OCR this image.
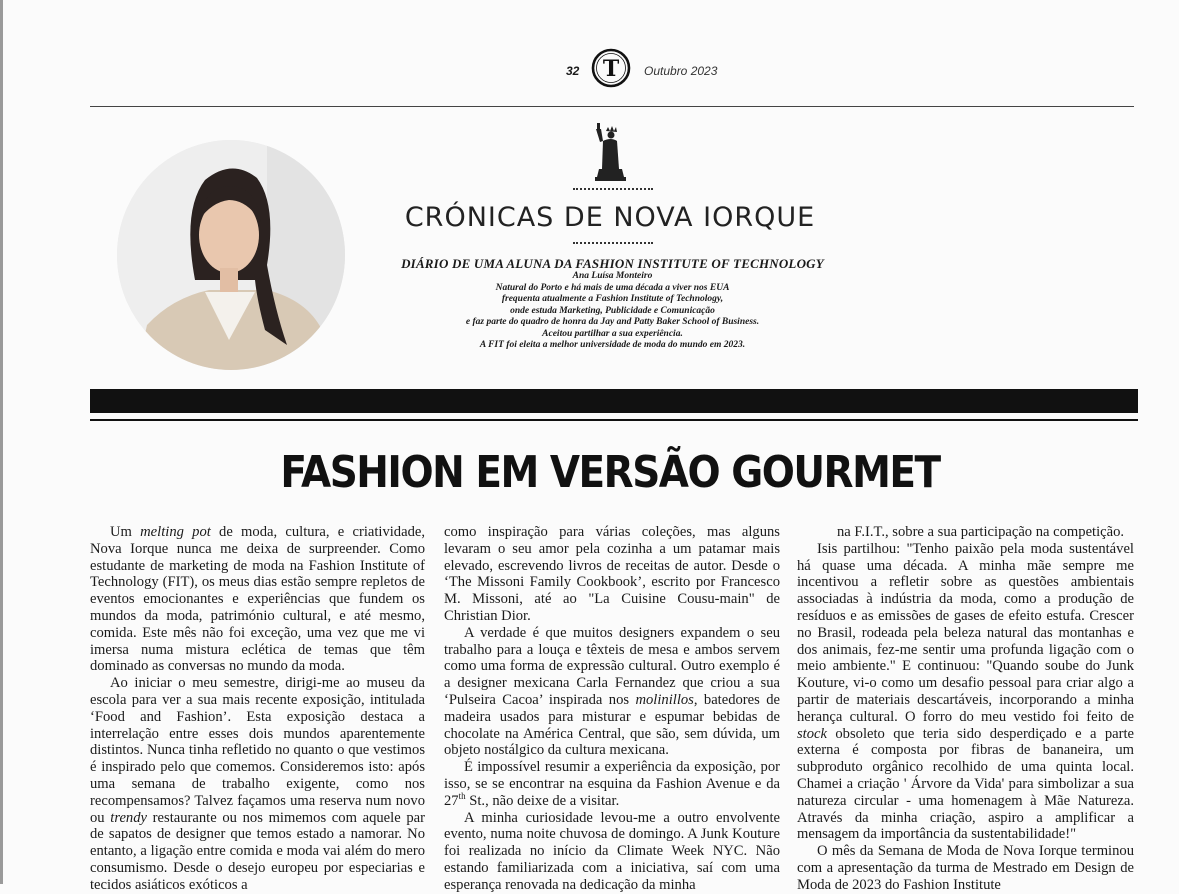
32 T Outubro 2023
CRÓNICAS DE NOVA IORQUE
DIÁRIO DE UMA ALUNA DA FASHION INSTITUTE OF TECHNOLOGY
Ana Luísa Monteiro
Natural do Porto e há mais de uma década a viver nos EUA
frequenta atualmente a Fashion Institute of Technology,
onde estuda Marketing, Publicidade e Comunicação
e faz parte do quadro de honra da Jay and Patty Baker School of Business.
Aceitou partilhar a sua experiência.
A FIT foi eleita a melhor universidade de moda do mundo em 2023.
FASHION EM VERSÃO GOURMET

Um melting pot de moda, cultura, e criatividade, Nova Iorque nunca me deixa de surpreender. Como estudante de marketing de moda na Fashion Institute of Technology (FIT), os meus dias estão sempre repletos de eventos emocionantes e experiências que fundem os mundos da moda, património cultural, e até mesmo, comida. Este mês não foi exceção, uma vez que me vi imersa numa mistura eclética de temas que têm dominado as conversas no mundo da moda.

Ao iniciar o meu semestre, dirigi-me ao museu da escola para ver a sua mais recente exposição, intitulada ‘Food and Fashion’. Esta exposição destaca a interrelação entre esses dois mundos aparentemente distintos. Nunca tinha refletido no quanto o que vestimos é inspirado pelo que comemos. Consideremos isto: após uma semana de trabalho exigente, como nos recompensamos? Talvez façamos uma reserva num novo ou trendy restaurante ou nos mimemos com aquele par de sapatos de designer que temos estado a namorar. No entanto, a ligação entre comida e moda vai além do mero consumismo. Desde o desejo europeu por especiarias e tecidos asiáticos exóticos a

como inspiração para várias coleções, mas alguns levaram o seu amor pela cozinha a um patamar mais elevado, escrevendo livros de receitas de autor. Desde o ‘The Missoni Family Cookbook’, escrito por Francesco M. Missoni, até ao "La Cuisine Cousu-main" de Christian Dior.

A verdade é que muitos designers expandem o seu trabalho para a louça e têxteis de mesa e ambos servem como uma forma de expressão cultural. Outro exemplo é a designer mexicana Carla Fernandez que criou a sua ‘Pulseira Cacoa’ inspirada nos molinillos, batedores de madeira usados para misturar e espumar bebidas de chocolate na América Central, que são, sem dúvida, um objeto nostálgico da cultura mexicana.

É impossível resumir a experiência da exposição, por isso, se se encontrar na esquina da Fashion Avenue e da 27th St., não deixe de a visitar.

A minha curiosidade levou-me a outro envolvente evento, numa noite chuvosa de domingo. A Junk Kouture foi realizada no início da Climate Week NYC. Não estando familiarizada com a iniciativa, saí com uma esperança renovada na dedicação da minha

na F.I.T., sobre a sua participação na competição.

Isis partilhou: "Tenho paixão pela moda sustentável há quase uma década. A minha mãe sempre me incentivou a refletir sobre as questões ambientais associadas à indústria da moda, como a produção de resíduos e as emissões de gases de efeito estufa. Crescer no Brasil, rodeada pela beleza natural das montanhas e dos animais, fez-me sentir uma profunda ligação com o meio ambiente." E continuou: "Quando soube do Junk Kouture, vi-o como um desafio pessoal para criar algo a partir de materiais descartáveis, incorporando a minha herança cultural. O forro do meu vestido foi feito de stock obsoleto que teria sido desperdiçado e a parte externa é composta por fibras de bananeira, um subproduto orgânico recolhido de uma quinta local. Chamei a criação ' Árvore da Vida' para simbolizar a sua natureza circular - uma homenagem à Mãe Natureza. Através da minha criação, aspiro a amplificar a mensagem da importância da sustentabilidade!"

O mês da Semana de Moda de Nova Iorque terminou com a apresentação da turma de Mestrado em Design de Moda de 2023 do Fashion Institute
